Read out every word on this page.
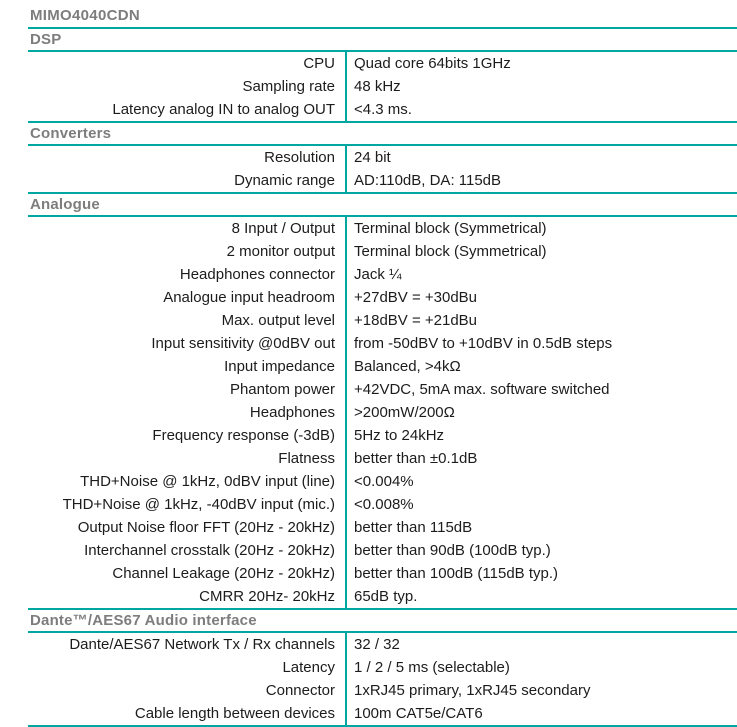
MIMO4040CDN
DSP
CPU	Quad core 64bits 1GHz
Sampling rate	48 kHz
Latency analog IN to analog OUT	<4.3 ms.
Converters
Resolution	24 bit
Dynamic range	AD:110dB, DA: 115dB
Analogue
8 Input / Output	Terminal block (Symmetrical)
2 monitor output	Terminal block (Symmetrical)
Headphones connector	Jack ¼
Analogue input headroom	+27dBV = +30dBu
Max. output level	+18dBV = +21dBu
Input sensitivity @0dBV out	from -50dBV to +10dBV in 0.5dB steps
Input impedance	Balanced, >4kΩ
Phantom power	+42VDC, 5mA max. software switched
Headphones	>200mW/200Ω
Frequency response (-3dB)	5Hz to 24kHz
Flatness	better than ±0.1dB
THD+Noise @ 1kHz, 0dBV input (line)	<0.004%
THD+Noise @ 1kHz, -40dBV input (mic.)	<0.008%
Output Noise floor FFT (20Hz - 20kHz)	better than 115dB
Interchannel crosstalk (20Hz - 20kHz)	better than 90dB (100dB typ.)
Channel Leakage (20Hz - 20kHz)	better than 100dB (115dB typ.)
CMRR 20Hz- 20kHz	65dB typ.
Dante™/AES67 Audio interface
Dante/AES67 Network Tx / Rx channels	32 / 32
Latency	1 / 2 / 5 ms (selectable)
Connector	1xRJ45 primary, 1xRJ45 secondary
Cable length between devices	100m CAT5e/CAT6
